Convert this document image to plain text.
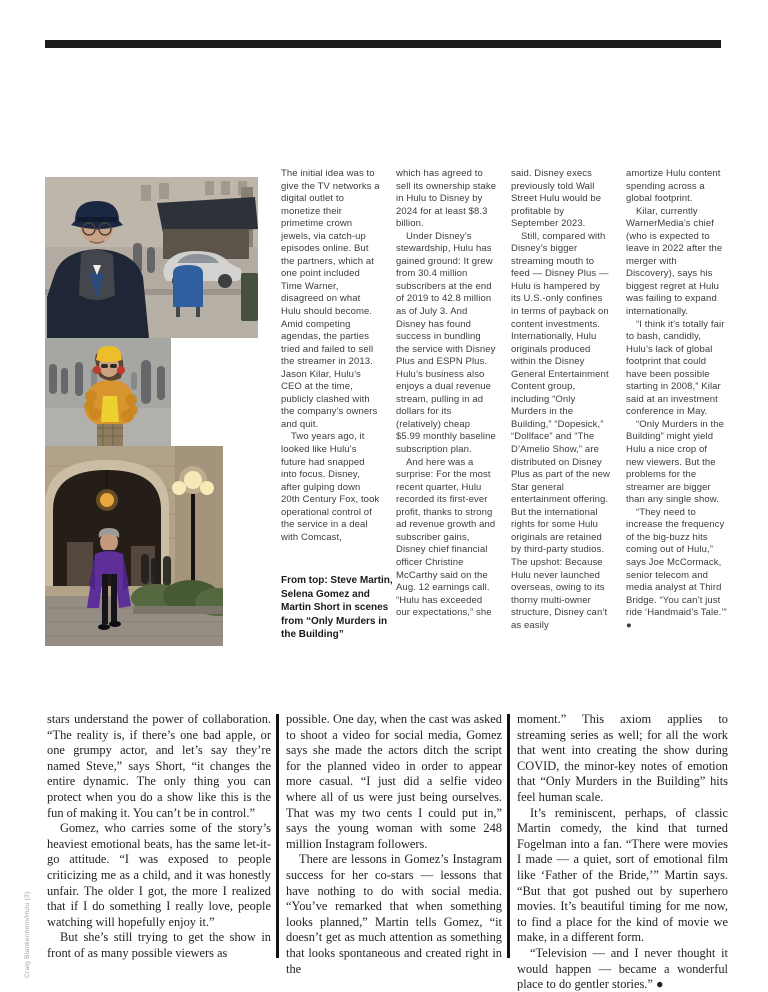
The initial idea was to give the TV networks a digital outlet to monetize their primetime crown jewels, via catch-up episodes online. But the partners, which at one point included Time Warner, disagreed on what Hulu should become. Amid competing agendas, the parties tried and failed to sell the streamer in 2013. Jason Kilar, Hulu’s CEO at the time, publicly clashed with the company’s owners and quit.

Two years ago, it looked like Hulu’s future had snapped into focus. Disney, after gulping down 20th Century Fox, took operational control of the service in a deal with Comcast,

which has agreed to sell its ownership stake in Hulu to Disney by 2024 for at least $8.3 billion.

Under Disney’s stewardship, Hulu has gained ground: It grew from 30.4 million subscribers at the end of 2019 to 42.8 million as of July 3. And Disney has found success in bundling the service with Disney Plus and ESPN Plus. Hulu’s business also enjoys a dual revenue stream, pulling in ad dollars for its (relatively) cheap $5.99 monthly baseline subscription plan.

And here was a surprise: For the most recent quarter, Hulu recorded its first-ever profit, thanks to strong ad revenue growth and subscriber gains, Disney chief financial officer Christine McCarthy said on the Aug. 12 earnings call. “Hulu has exceeded our expectations,” she

said. Disney execs previously told Wall Street Hulu would be profitable by September 2023.

Still, compared with Disney’s bigger streaming mouth to feed — Disney Plus — Hulu is hampered by its U.S.-only confines in terms of payback on content investments. Internationally, Hulu originals produced within the Disney General Entertainment Content group, including “Only Murders in the Building,” “Dopesick,” “Dollface” and “The D’Amelio Show,” are distributed on Disney Plus as part of the new Star general entertainment offering. But the international rights for some Hulu originals are retained by third-party studios. The upshot: Because Hulu never launched overseas, owing to its thorny multi-owner structure, Disney can’t as easily

amortize Hulu content spending across a global footprint.

Kilar, currently WarnerMedia’s chief (who is expected to leave in 2022 after the merger with Discovery), says his biggest regret at Hulu was failing to expand internationally.

“I think it’s totally fair to bash, candidly, Hulu’s lack of global footprint that could have been possible starting in 2008,” Kilar said at an investment conference in May.

“Only Murders in the Building” might yield Hulu a nice crop of new viewers. But the problems for the streamer are bigger than any single show.

“They need to increase the frequency of the big-buzz hits coming out of Hulu,” says Joe McCormack, senior telecom and media analyst at Third Bridge. “You can’t just ride ‘Handmaid’s Tale.’” ●

From top: Steve Martin, Selena Gomez and Martin Short in scenes from “Only Murders in the Building”

stars understand the power of collaboration. “The reality is, if there’s one bad apple, or one grumpy actor, and let’s say they’re named Steve,” says Short, “it changes the entire dynamic. The only thing you can protect when you do a show like this is the fun of making it. You can’t be in control.”

Gomez, who carries some of the story’s heaviest emotional beats, has the same let-it-go attitude. “I was exposed to people criticizing me as a child, and it was honestly unfair. The older I got, the more I realized that if I do something I really love, people watching will hopefully enjoy it.”

But she’s still trying to get the show in front of as many possible viewers as

possible. One day, when the cast was asked to shoot a video for social media, Gomez says she made the actors ditch the script for the planned video in order to appear more casual. “I just did a selfie video where all of us were just being ourselves. That was my two cents I could put in,” says the young woman with some 248 million Instagram followers.

There are lessons in Gomez’s Instagram success for her co-stars — lessons that have nothing to do with social media. “You’ve remarked that when something looks planned,” Martin tells Gomez, “it doesn’t get as much attention as something that looks spontaneous and created right in the

moment.” This axiom applies to streaming series as well; for all the work that went into creating the show during COVID, the minor-key notes of emotion that “Only Murders in the Building” hits feel human scale.

It’s reminiscent, perhaps, of classic Martin comedy, the kind that turned Fogelman into a fan. “There were movies I made — a quiet, sort of emotional film like ‘Father of the Bride,’” Martin says. “But that got pushed out by superhero movies. It’s beautiful timing for me now, to find a place for the kind of movie we make, in a different form.

“Television — and I never thought it would happen — became a wonderful place to do gentler stories.” ●

Craig Blankenhorn/Hulu (3)
